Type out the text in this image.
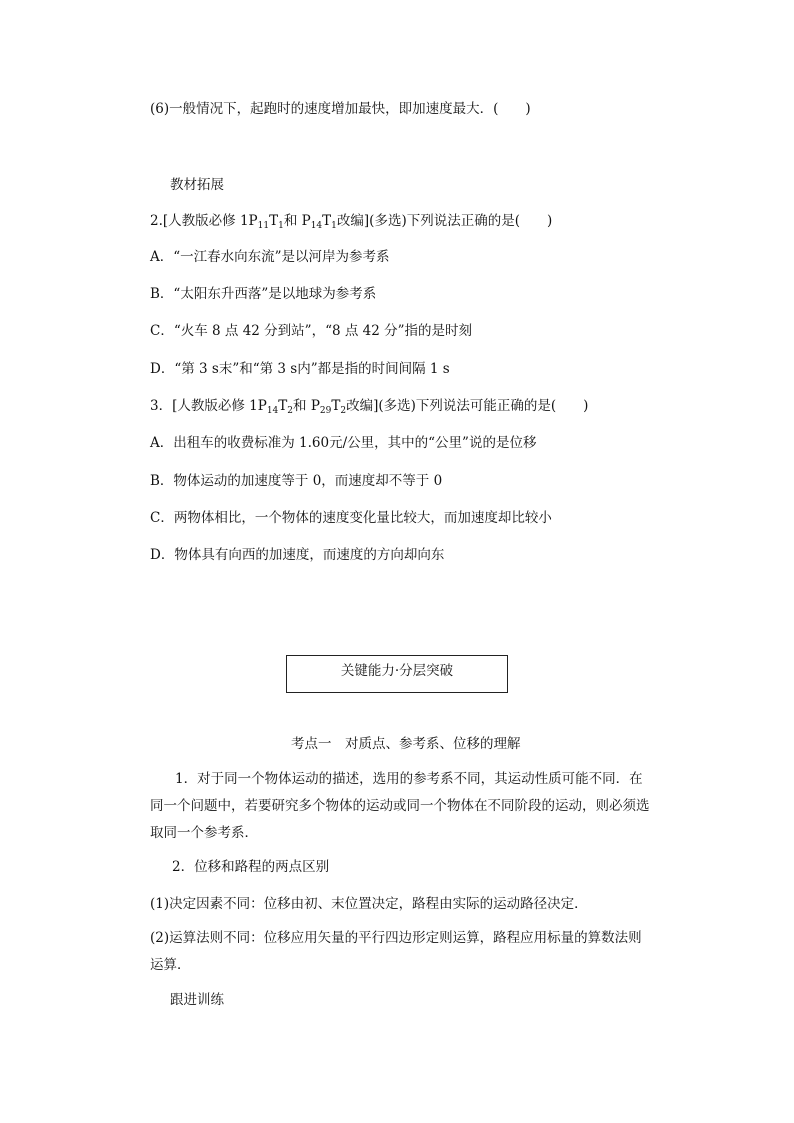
(6)一般情况下，起跑时的速度增加最快，即加速度最大．(　　)
教材拓展
2.[人教版必修 $1P_{11}T_1$和 $P_{14}T_1$改编](多选)下列说法正确的是(　　)
A．“一江春水向东流”是以河岸为参考系
B．“太阳东升西落”是以地球为参考系
C．“火车 8 点 42 分到站”，“8 点 42 分”指的是时刻
D．“第 3 s末”和“第 3 s内”都是指的时间间隔 1 s
3．[人教版必修 $1P_{14}T_2$和 $P_{29}T_2$改编](多选)下列说法可能正确的是(　　)
A．出租车的收费标准为 1.60元/公里，其中的“公里”说的是位移
B．物体运动的加速度等于 0，而速度却不等于 0
C．两物体相比，一个物体的速度变化量比较大，而加速度却比较小
D．物体具有向西的加速度，而速度的方向却向东
关键能力·分层突破
考点一　对质点、参考系、位移的理解
1．对于同一个物体运动的描述，选用的参考系不同，其运动性质可能不同．在同一个问题中，若要研究多个物体的运动或同一个物体在不同阶段的运动，则必须选取同一个参考系．
2．位移和路程的两点区别
(1)决定因素不同：位移由初、末位置决定，路程由实际的运动路径决定．
(2)运算法则不同：位移应用矢量的平行四边形定则运算，路程应用标量的算数法则运算．
跟进训练
